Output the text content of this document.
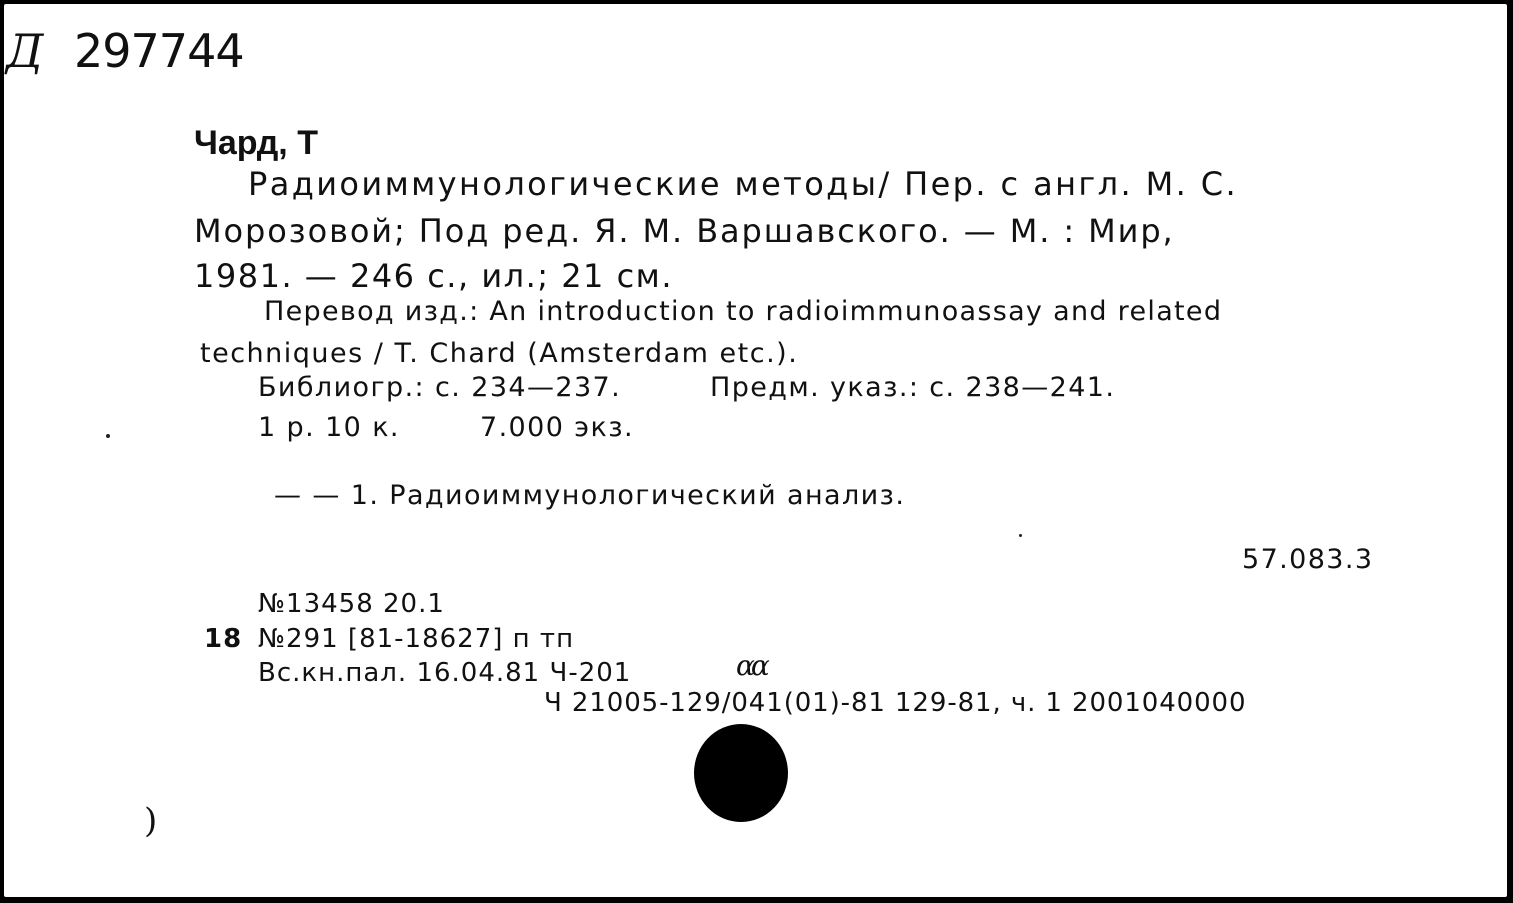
Д 297744
Чард, Т
Радиоиммунологические методы/ Пер. с англ. М. С.
Морозовой; Под ред. Я. М. Варшавского. — М. : Мир,
1981. — 246 с., ил.; 21 см.
Перевод изд.: An introduction to radioimmunoassay and related
techniques / T. Chard (Amsterdam etc.).
Библиогр.: с. 234—237.	Предм. указ.: с. 238—241.
1 р. 10 к.	7.000 экз.
— — 1. Радиоиммунологический анализ.
57.083.3
№13458 20.1
18 №291 [81-18627] п тп
Вс.кн.пал. 16.04.81 Ч-201	αα
Ч 21005-129/041(01)-81 129-81, ч. 1 2001040000
)
